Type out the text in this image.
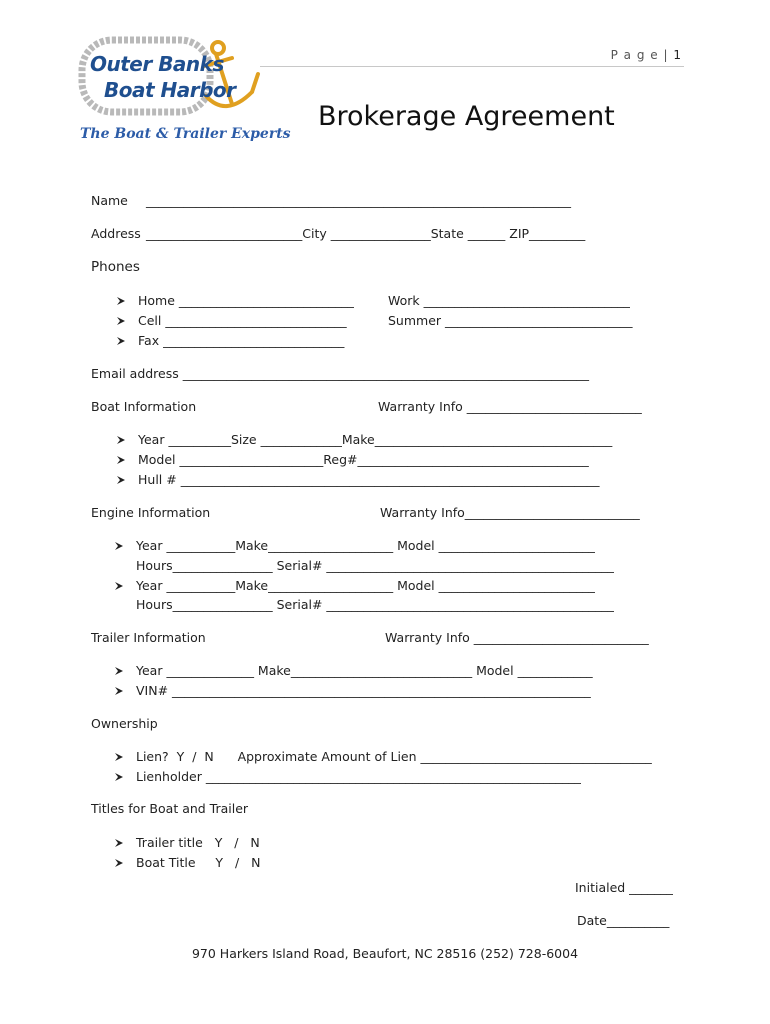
Outer Banks
Boat Harbor
The Boat & Trailer Experts
P a g e | 1
Brokerage Agreement
Name ____________________________________________________________________
Address _________________________City ________________State ______ ZIP_________
Phones
Home ____________________________	Work _________________________________
Cell _____________________________	Summer ______________________________
Fax _____________________________
Email address _________________________________________________________________
Boat Information	Warranty Info ____________________________
Year __________Size _____________Make______________________________________
Model _______________________Reg#_____________________________________
Hull # ___________________________________________________________________
Engine Information	Warranty Info____________________________
Year ___________Make____________________ Model _________________________
Hours________________ Serial# ______________________________________________
Year ___________Make____________________ Model _________________________
Hours________________ Serial# ______________________________________________
Trailer Information	Warranty Info ____________________________
Year ______________ Make_____________________________ Model ____________
VIN# ___________________________________________________________________
Ownership
Lien?  Y  /  N      Approximate Amount of Lien _____________________________________
Lienholder ____________________________________________________________
Titles for Boat and Trailer
Trailer title   Y   /   N
Boat Title     Y   /   N
Initialed _______
Date__________
970 Harkers Island Road, Beaufort, NC 28516 (252) 728-6004
